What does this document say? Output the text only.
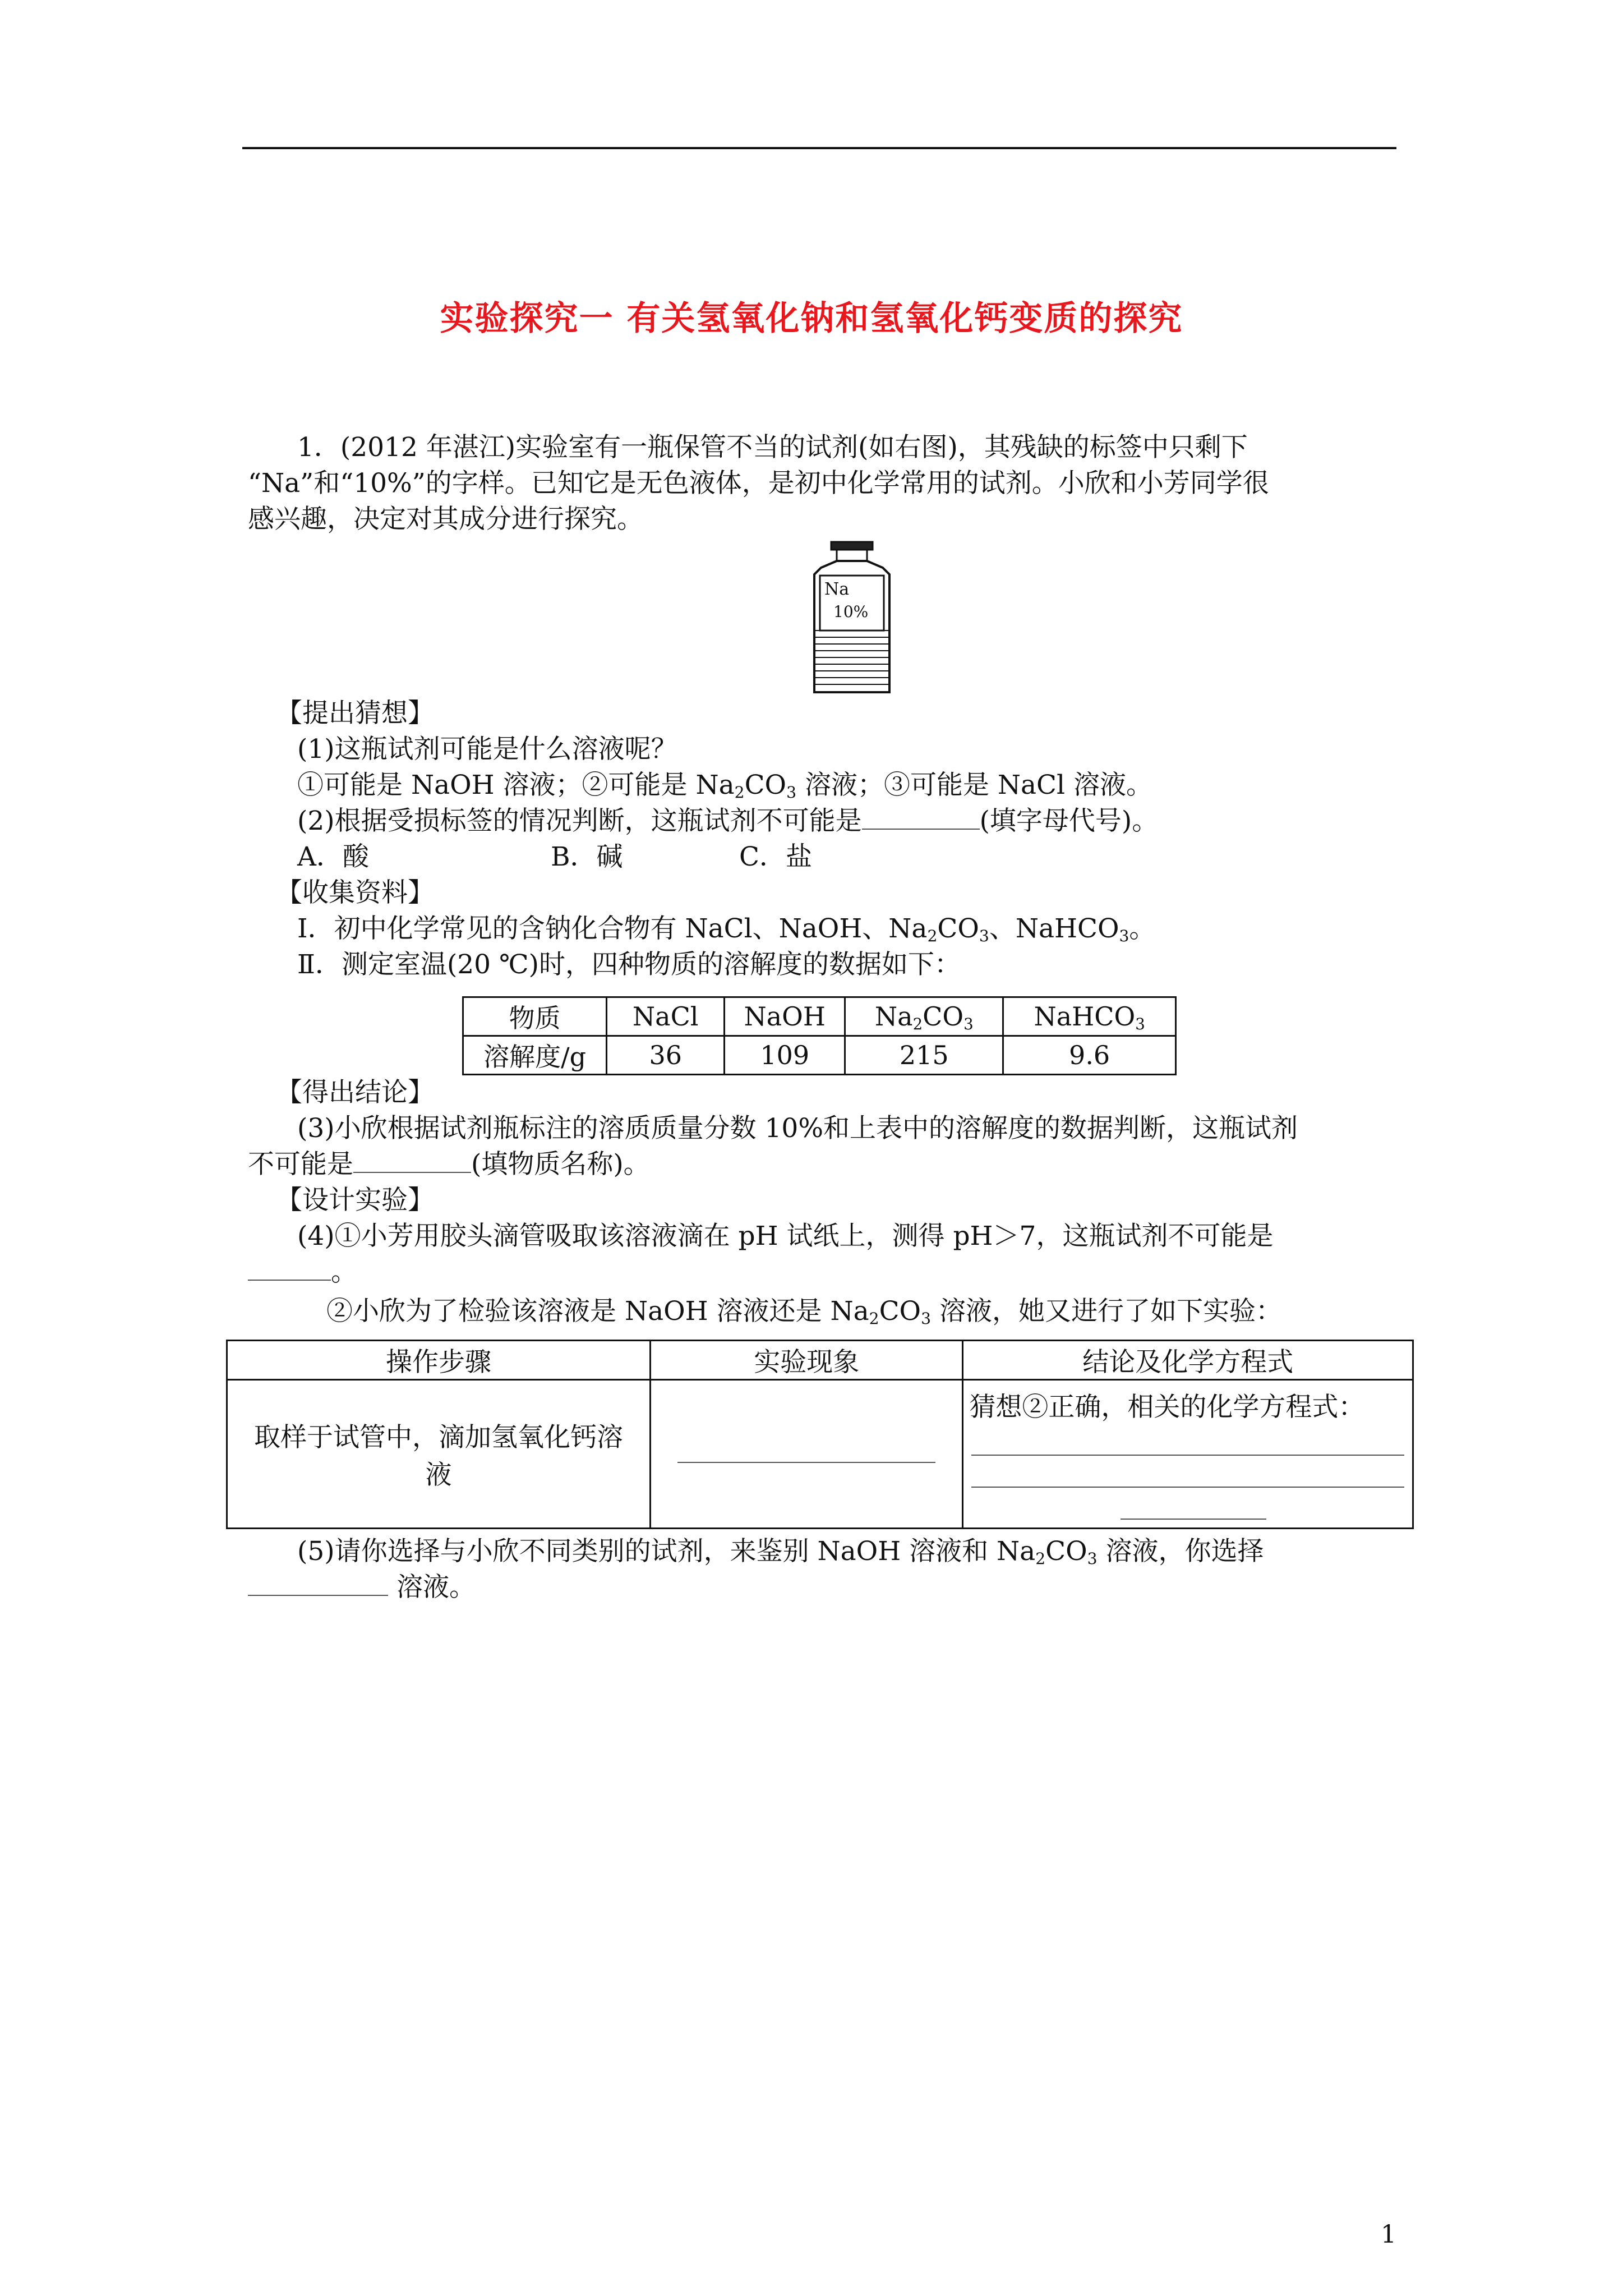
实验探究一 有关氢氧化钠和氢氧化钙变质的探究
1．(2012 年湛江)实验室有一瓶保管不当的试剂(如右图)，其残缺的标签中只剩下
“Na”和“10%”的字样。已知它是无色液体，是初中化学常用的试剂。小欣和小芳同学很
感兴趣，决定对其成分进行探究。
Na
10%
【提出猜想】
(1)这瓶试剂可能是什么溶液呢？
①可能是 NaOH 溶液；②可能是 $Na_2CO_3$ 溶液；③可能是 NaCl 溶液。
(2)根据受损标签的情况判断，这瓶试剂不可能是	(填字母代号)。
A．酸	B．碱	C．盐
【收集资料】
Ⅰ．初中化学常见的含钠化合物有 NaCl、NaOH、$Na_2CO_3$、NaHCO$_3$。
Ⅱ．测定室温(20 ℃)时，四种物质的溶解度的数据如下：
物质	NaCl	NaOH	$Na_2CO_3$	NaHCO$_3$
溶解度/g	36	109	215	9.6
【得出结论】
(3)小欣根据试剂瓶标注的溶质质量分数 10%和上表中的溶解度的数据判断，这瓶试剂
不可能是	(填物质名称)。
【设计实验】
(4)①小芳用胶头滴管吸取该溶液滴在 pH 试纸上，测得 pH＞7，这瓶试剂不可能是
。
②小欣为了检验该溶液是 NaOH 溶液还是 $Na_2CO_3$ 溶液，她又进行了如下实验：
操作步骤	实验现象	结论及化学方程式
取样于试管中，滴加氢氧化钙溶
液		猜想②正确，相关的化学方程式：
(5)请你选择与小欣不同类别的试剂，来鉴别 NaOH 溶液和 $Na_2CO_3$ 溶液，你选择
溶液。
1
